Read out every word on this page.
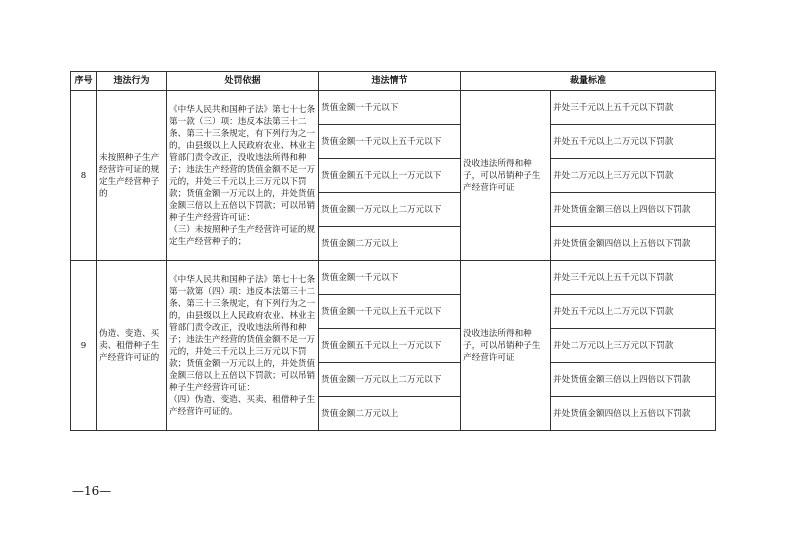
序号	违法行为	处罚依据	违法情节	裁量标准	
8	未按照种子生产经营许可证的规定生产经营种子的	《中华人民共和国种子法》第七十七条第一款（三）项：违反本法第三十二条、第三十三条规定，有下列行为之一的，由县级以上人民政府农业、林业主管部门责令改正，没收违法所得和种子；违法生产经营的货值金额不足一万元的，并处三千元以上三万元以下罚款；货值金额一万元以上的，并处货值金额三倍以上五倍以下罚款；可以吊销种子生产经营许可证：

（三）未按照种子生产经营许可证的规定生产经营种子的；	货值金额一千元以下	没收违法所得和种子，可以吊销种子生产经营许可证	并处三千元以上五千元以下罚款
			货值金额一千元以上五千元以下		并处五千元以上二万元以下罚款
			货值金额五千元以上一万元以下		并处二万元以上三万元以下罚款
			货值金额一万元以上二万元以下		并处货值金额三倍以上四倍以下罚款
			货值金额二万元以上		并处货值金额四倍以上五倍以下罚款
9	伪造、变造、买卖、租借种子生产经营许可证的	《中华人民共和国种子法》第七十七条第一款第（四）项：违反本法第三十二条、第三十三条规定，有下列行为之一的，由县级以上人民政府农业、林业主管部门责令改正，没收违法所得和种子；违法生产经营的货值金额不足一万元的，并处三千元以上三万元以下罚款；货值金额一万元以上的，并处货值金额三倍以上五倍以下罚款；可以吊销种子生产经营许可证：

（四）伪造、变造、买卖、租借种子生产经营许可证的。	货值金额一千元以下	没收违法所得和种子，可以吊销种子生产经营许可证	并处三千元以上五千元以下罚款
			货值金额一千元以上五千元以下		并处五千元以上二万元以下罚款
			货值金额五千元以上一万元以下		并处二万元以上三万元以下罚款
			货值金额一万元以上二万元以下		并处货值金额三倍以上四倍以下罚款
			货值金额二万元以上		并处货值金额四倍以上五倍以下罚款
—16—
